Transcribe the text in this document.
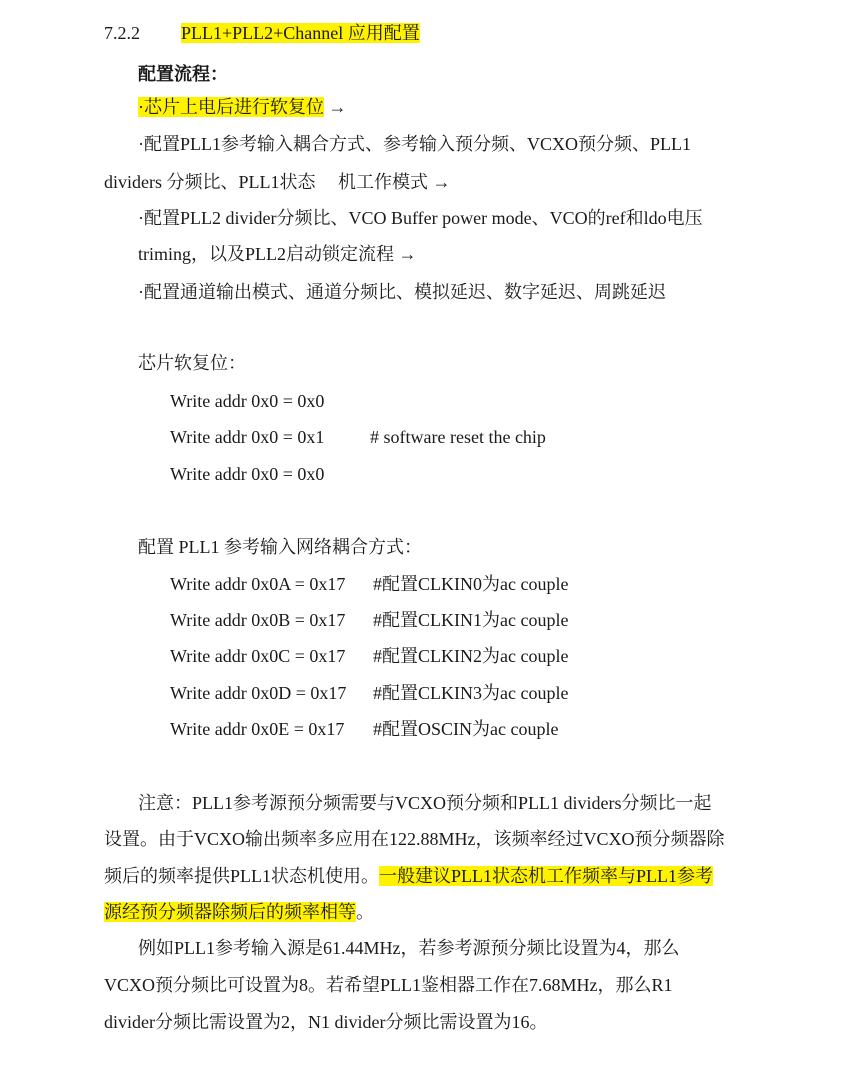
7.2.2 PLL1+PLL2+Channel 应用配置
配置流程：
·芯片上电后进行软复位 →
·配置PLL1参考输入耦合方式、参考输入预分频、VCXO预分频、PLL1
dividers 分频比、PLL1状态　 机工作模式 →
·配置PLL2 divider分频比、VCO Buffer power mode、VCO的ref和ldo电压
triming，以及PLL2启动锁定流程 →
·配置通道输出模式、通道分频比、模拟延迟、数字延迟、周跳延迟
芯片软复位：
Write addr 0x0 = 0x0
Write addr 0x0 = 0x1	# software reset the chip
Write addr 0x0 = 0x0
配置 PLL1 参考输入网络耦合方式：
Write addr 0x0A = 0x17 #配置CLKIN0为ac couple
Write addr 0x0B = 0x17 #配置CLKIN1为ac couple
Write addr 0x0C = 0x17 #配置CLKIN2为ac couple
Write addr 0x0D = 0x17 #配置CLKIN3为ac couple
Write addr 0x0E = 0x17 #配置OSCIN为ac couple
注意：PLL1参考源预分频需要与VCXO预分频和PLL1 dividers分频比一起
设置。由于VCXO输出频率多应用在122.88MHz，该频率经过VCXO预分频器除
频后的频率提供PLL1状态机使用。一般建议PLL1状态机工作频率与PLL1参考
源经预分频器除频后的频率相等。
例如PLL1参考输入源是61.44MHz，若参考源预分频比设置为4，那么
VCXO预分频比可设置为8。若希望PLL1鉴相器工作在7.68MHz，那么R1
divider分频比需设置为2，N1 divider分频比需设置为16。
